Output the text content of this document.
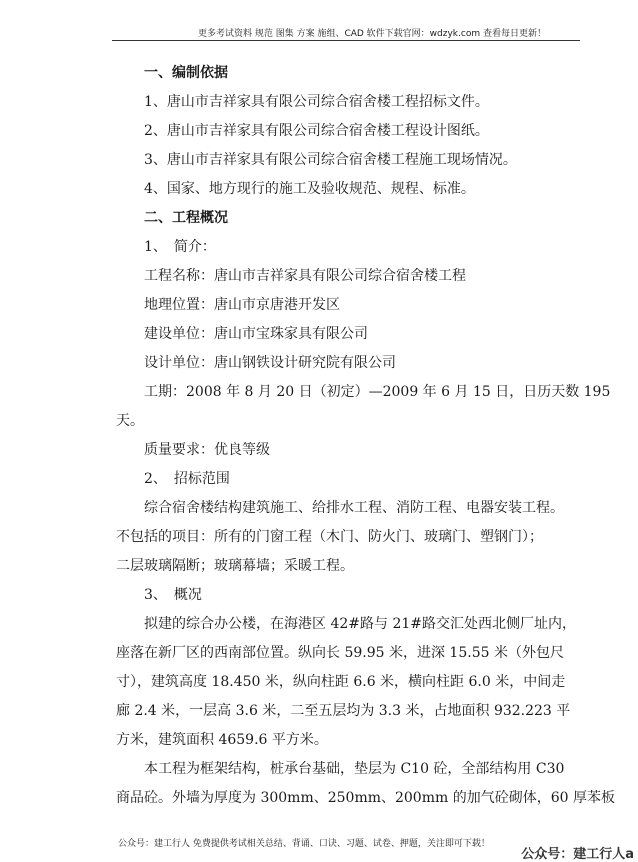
更多考试资料 规范 图集 方案 施组、CAD 软件下载官网：wdzyk.com 查看每日更新！

一、编制依据

1、唐山市吉祥家具有限公司综合宿舍楼工程招标文件。

2、唐山市吉祥家具有限公司综合宿舍楼工程设计图纸。

3、唐山市吉祥家具有限公司综合宿舍楼工程施工现场情况。

4、国家、地方现行的施工及验收规范、规程、标准。

二、工程概况

1、　简介：

工程名称：唐山市吉祥家具有限公司综合宿舍楼工程

地理位置：唐山市京唐港开发区

建设单位：唐山市宝珠家具有限公司

设计单位：唐山钢铁设计研究院有限公司

工期：2008 年 8 月 20 日（初定）—2009 年 6 月 15 日，日历天数 195

天。

质量要求：优良等级

2、　招标范围

综合宿舍楼结构建筑施工、给排水工程、消防工程、电器安装工程。

不包括的项目：所有的门窗工程（木门、防火门、玻璃门、塑钢门）；

二层玻璃隔断；玻璃幕墙；采暖工程。

3、　概况

拟建的综合办公楼，在海港区 42#路与 21#路交汇处西北侧厂址内，

座落在新厂区的西南部位置。纵向长 59.95 米，进深 15.55 米（外包尺

寸），建筑高度 18.450 米，纵向柱距 6.6 米，横向柱距 6.0 米，中间走

廊 2.4 米，一层高 3.6 米，二至五层均为 3.3 米，占地面积 932.223 平

方米，建筑面积 4659.6 平方米。

本工程为框架结构，桩承台基础，垫层为 C10 砼，全部结构用 C30

商品砼。外墙为厚度为 300mm、250mm、200mm 的加气砼砌体，60 厚苯板

公众号：建工行人 免费提供考试相关总结、背诵、口诀、习题、试卷、押题，关注即可下载！
公众号：建工行人a
